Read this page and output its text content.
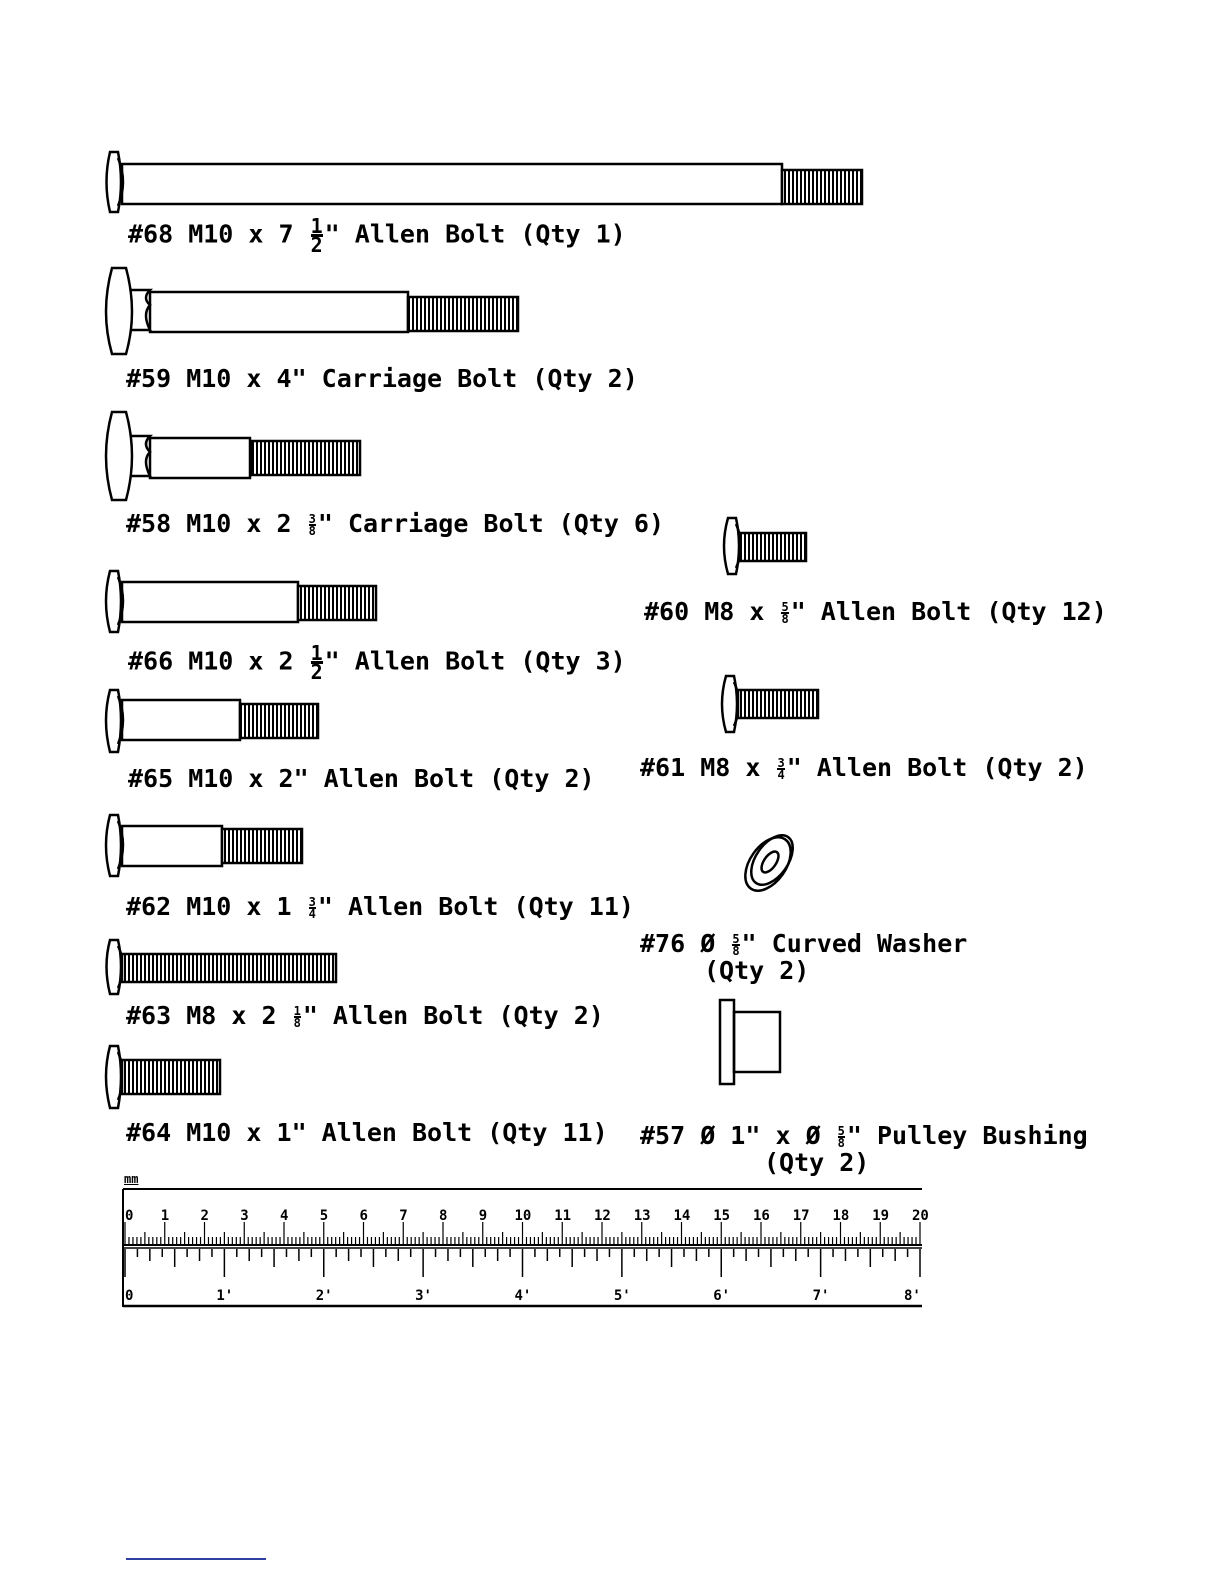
#68 M10 x $7 \frac{1}{2}$ " Allen Bolt (Qty 1)
#59 M10 x 4" Carriage Bolt (Qty 2)
#58 M10 x $2 \frac{3}{8}$ " Carriage Bolt (Qty 6)
#66 M10 x $2 \frac{1}{2}$ " Allen Bolt (Qty 3)
#65 M10 x 2" Allen Bolt (Qty 2)
#62 M10 x $1 \frac{3}{4}$ " Allen Bolt (Qty 11)
#63 M8 x $2 \frac{1}{8}$ " Allen Bolt (Qty 2)
#64 M10 x 1" Allen Bolt (Qty 11)
#60 M8 x $\frac{5}{8}$ " Allen Bolt (Qty 12)
#61 M8 x $\frac{3}{4}$ " Allen Bolt (Qty 2)
#76 Ø $\frac{5}{8}$ " Curved Washer
(Qty 2)
#57 Ø 1" x Ø $\frac{5}{8}$ " Pulley Bushing
(Qty 2)
mm
0 1 2 3 4 5 6 7 8 9 10 11 12 13 14 15 16 17 18 19 20
0	1'	2'	3'	4'	5'	6'	7'	8'
